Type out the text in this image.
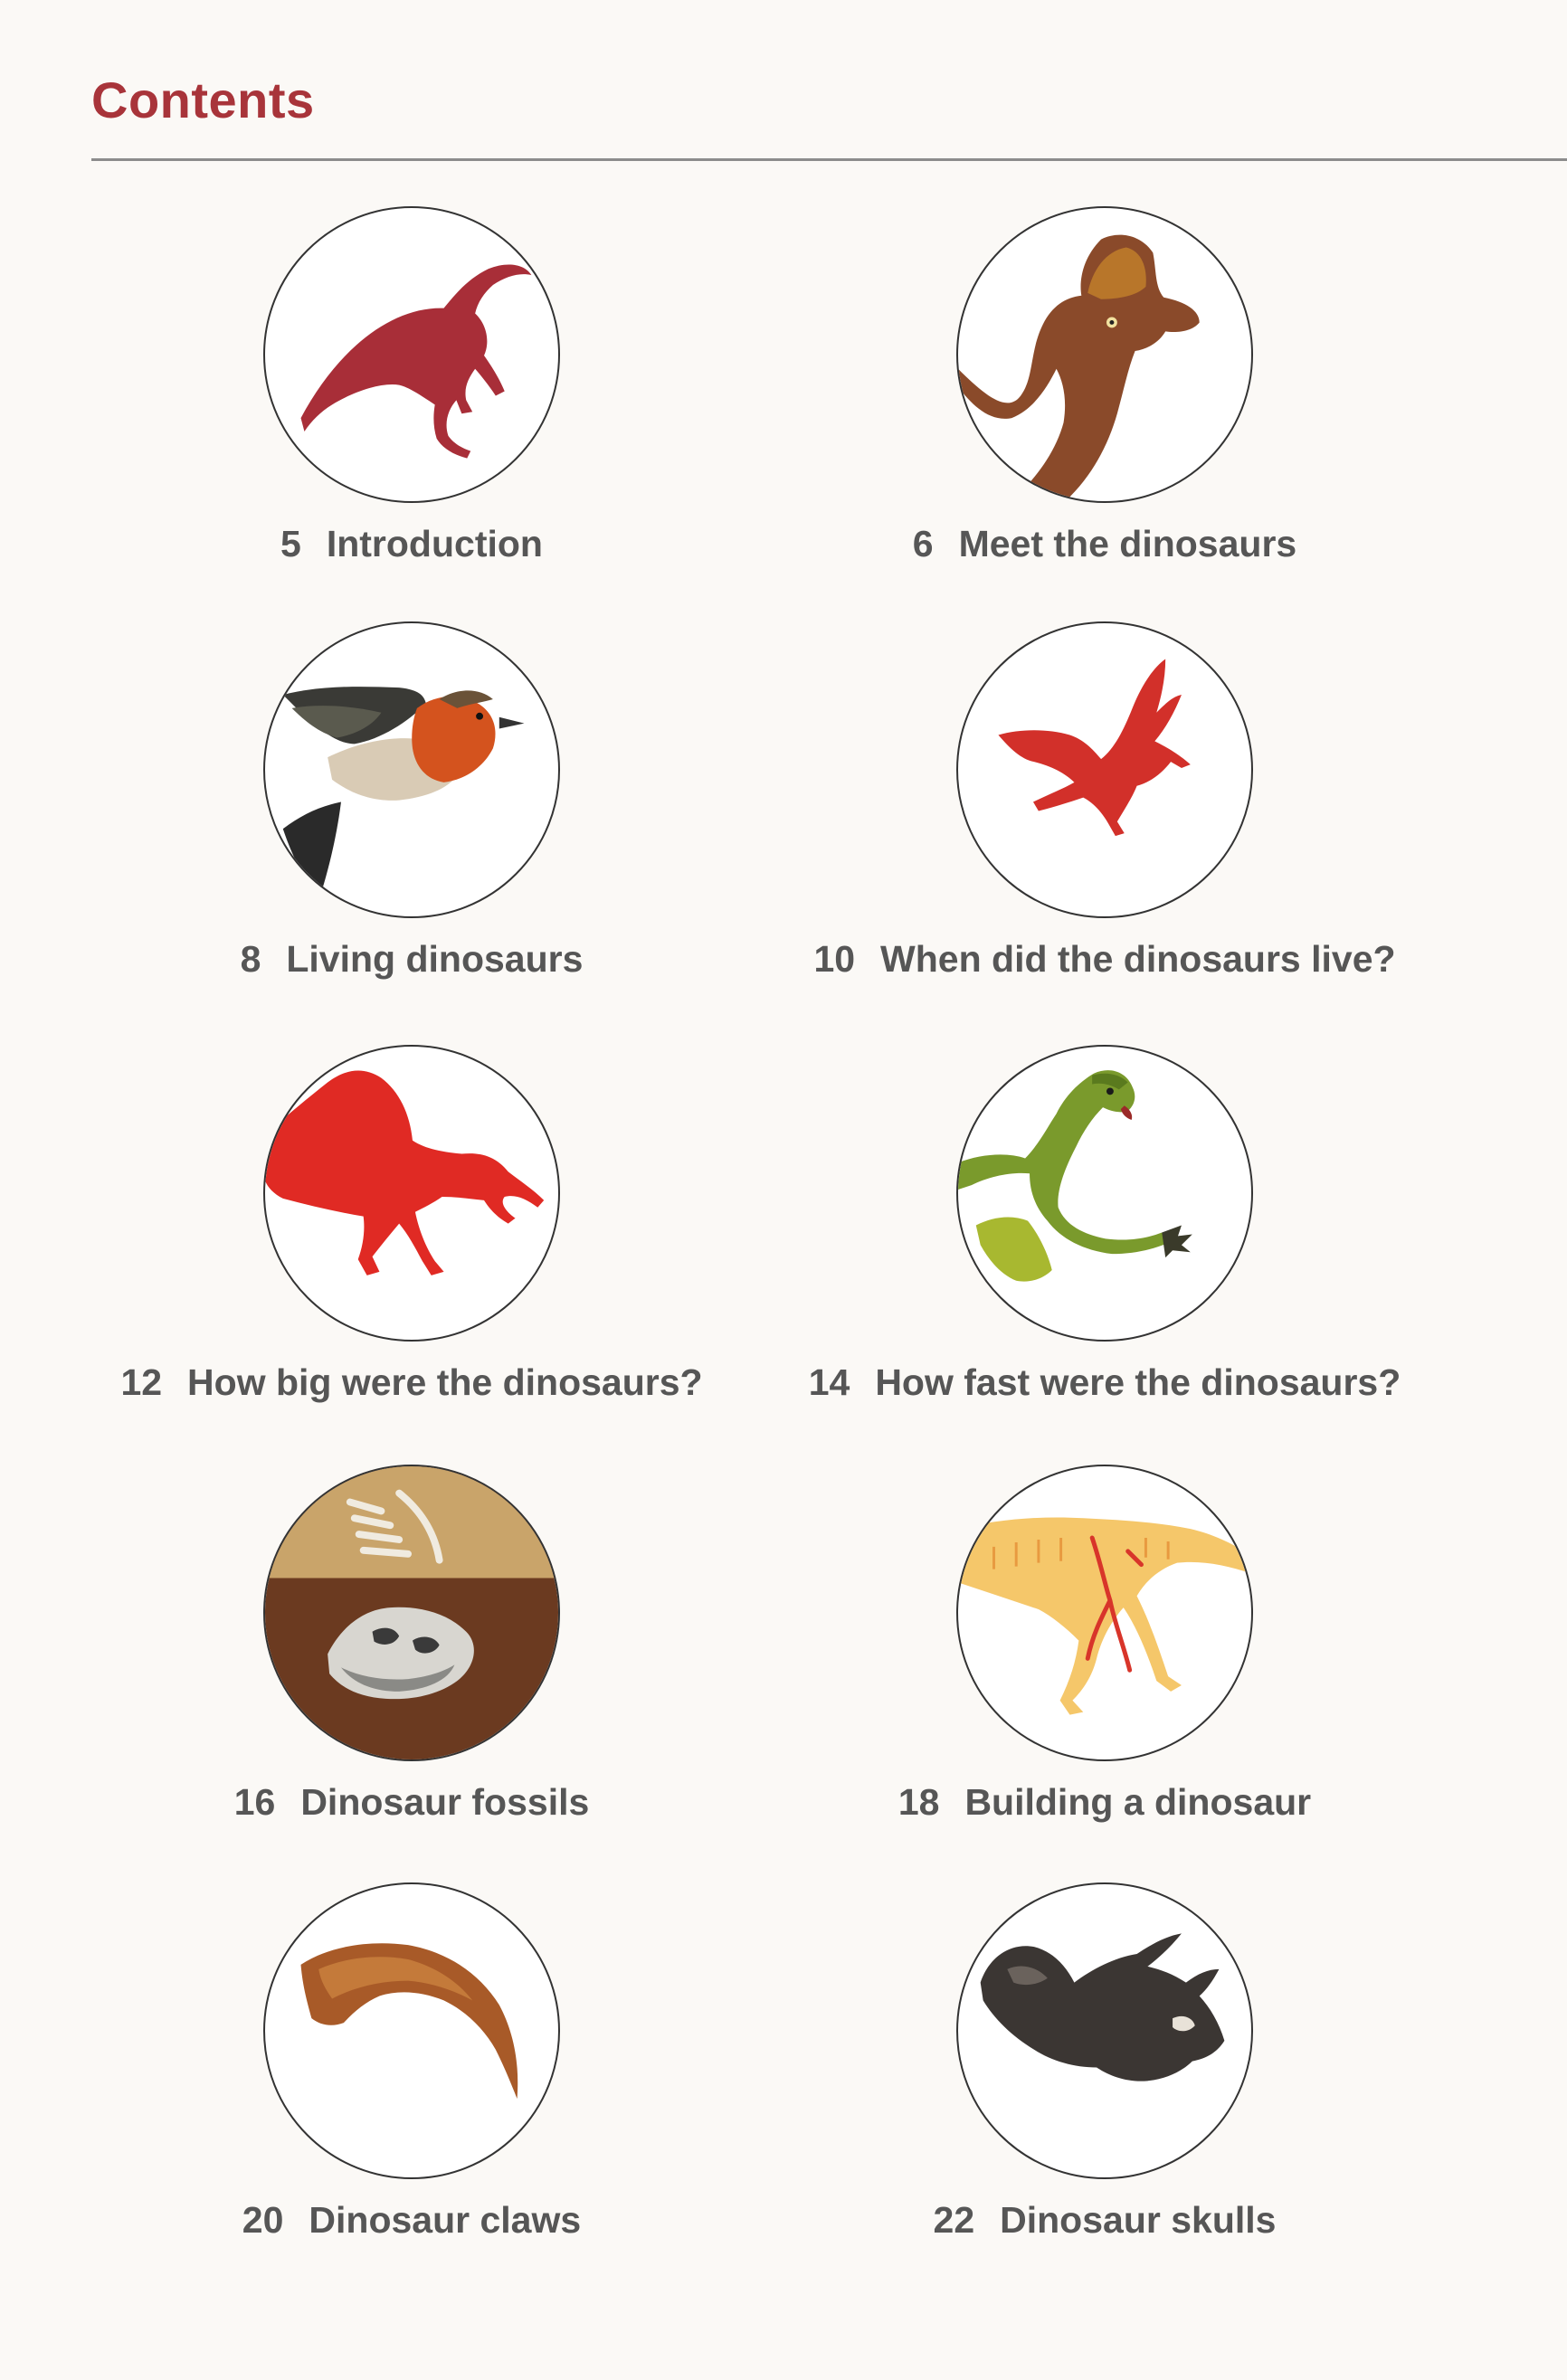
Contents
5 Introduction	6 Meet the dinosaurs
8 Living dinosaurs	10 When did the dinosaurs live?
12 How big were the dinosaurs?	14 How fast were the dinosaurs?
16 Dinosaur fossils	18 Building a dinosaur
20 Dinosaur claws	22 Dinosaur skulls
